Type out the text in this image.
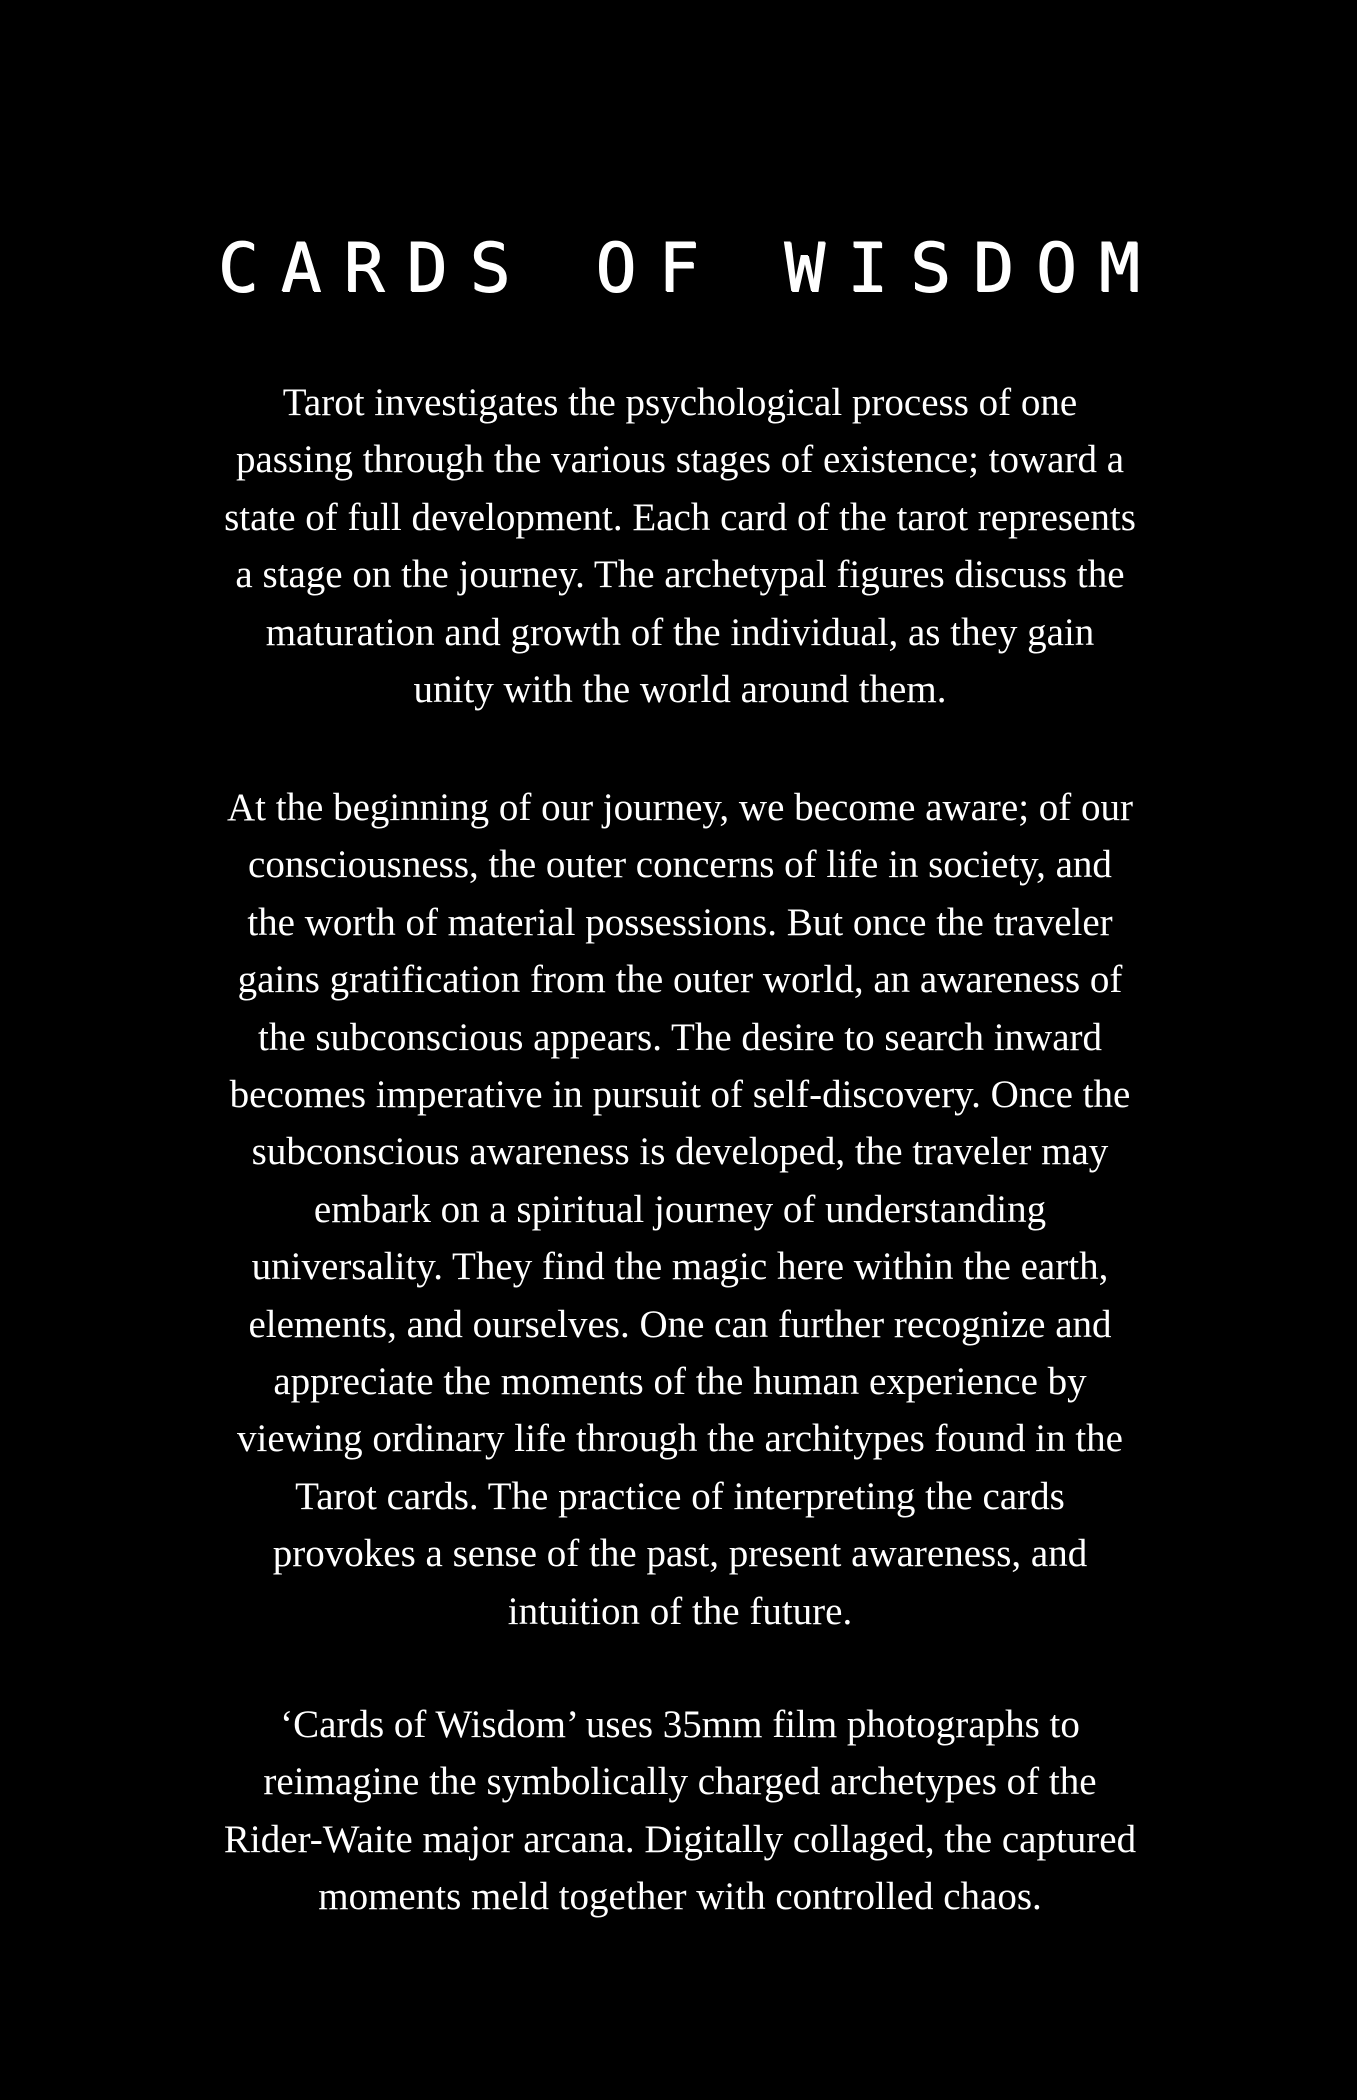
CARDS OF WISDOM

Tarot investigates the psychological process of one
passing through the various stages of existence; toward a
state of full development. Each card of the tarot represents
a stage on the journey. The archetypal figures discuss the
maturation and growth of the individual, as they gain
unity with the world around them.

At the beginning of our journey, we become aware; of our
consciousness, the outer concerns of life in society, and
the worth of material possessions. But once the traveler
gains gratification from the outer world, an awareness of
the subconscious appears. The desire to search inward
becomes imperative in pursuit of self-discovery. Once the
subconscious awareness is developed, the traveler may
embark on a spiritual journey of understanding
universality. They find the magic here within the earth,
elements, and ourselves. One can further recognize and
appreciate the moments of the human experience by
viewing ordinary life through the architypes found in the
Tarot cards. The practice of interpreting the cards
provokes a sense of the past, present awareness, and
intuition of the future.

‘Cards of Wisdom’ uses 35mm film photographs to
reimagine the symbolically charged archetypes of the
Rider-Waite major arcana. Digitally collaged, the captured
moments meld together with controlled chaos.
